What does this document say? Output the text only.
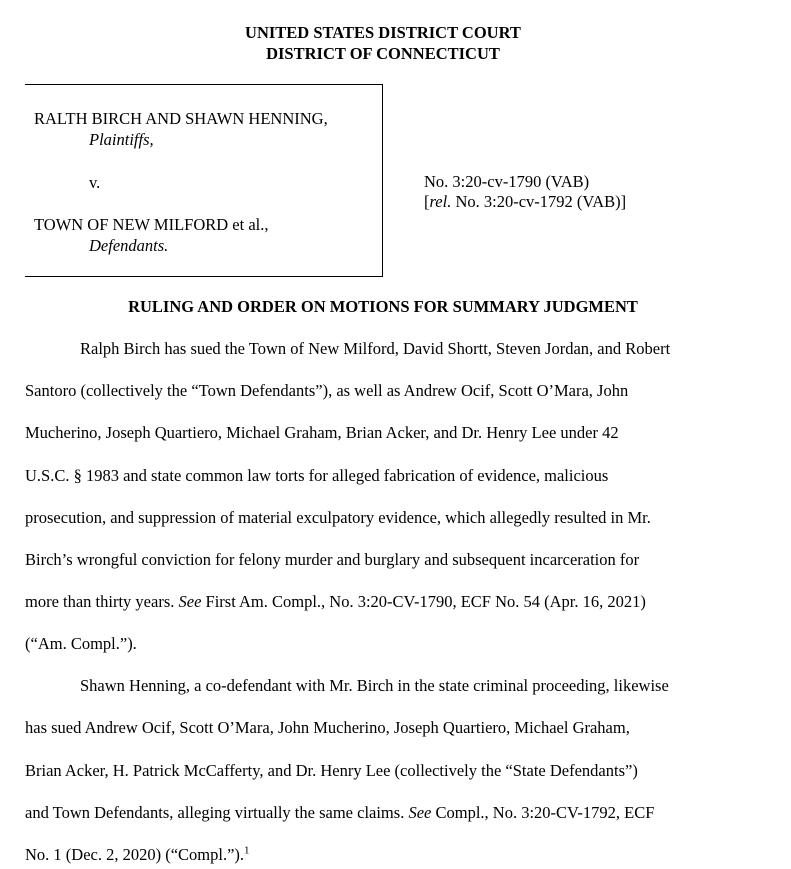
UNITED STATES DISTRICT COURT
DISTRICT OF CONNECTICUT
RALTH BIRCH AND SHAWN HENNING,
Plaintiffs,
v.
TOWN OF NEW MILFORD et al.,
Defendants.
No. 3:20-cv-1790 (VAB)
[rel. No. 3:20-cv-1792 (VAB)]
RULING AND ORDER ON MOTIONS FOR SUMMARY JUDGMENT
Ralph Birch has sued the Town of New Milford, David Shortt, Steven Jordan, and Robert
Santoro (collectively the “Town Defendants”), as well as Andrew Ocif, Scott O’Mara, John
Mucherino, Joseph Quartiero, Michael Graham, Brian Acker, and Dr. Henry Lee under 42
U.S.C. § 1983 and state common law torts for alleged fabrication of evidence, malicious
prosecution, and suppression of material exculpatory evidence, which allegedly resulted in Mr.
Birch’s wrongful conviction for felony murder and burglary and subsequent incarceration for
more than thirty years. See First Am. Compl., No. 3:20-CV-1790, ECF No. 54 (Apr. 16, 2021)
(“Am. Compl.”).
Shawn Henning, a co-defendant with Mr. Birch in the state criminal proceeding, likewise
has sued Andrew Ocif, Scott O’Mara, John Mucherino, Joseph Quartiero, Michael Graham,
Brian Acker, H. Patrick McCafferty, and Dr. Henry Lee (collectively the “State Defendants”)
and Town Defendants, alleging virtually the same claims. See Compl., No. 3:20-CV-1792, ECF
No. 1 (Dec. 2, 2020) (“Compl.”).$^1$
